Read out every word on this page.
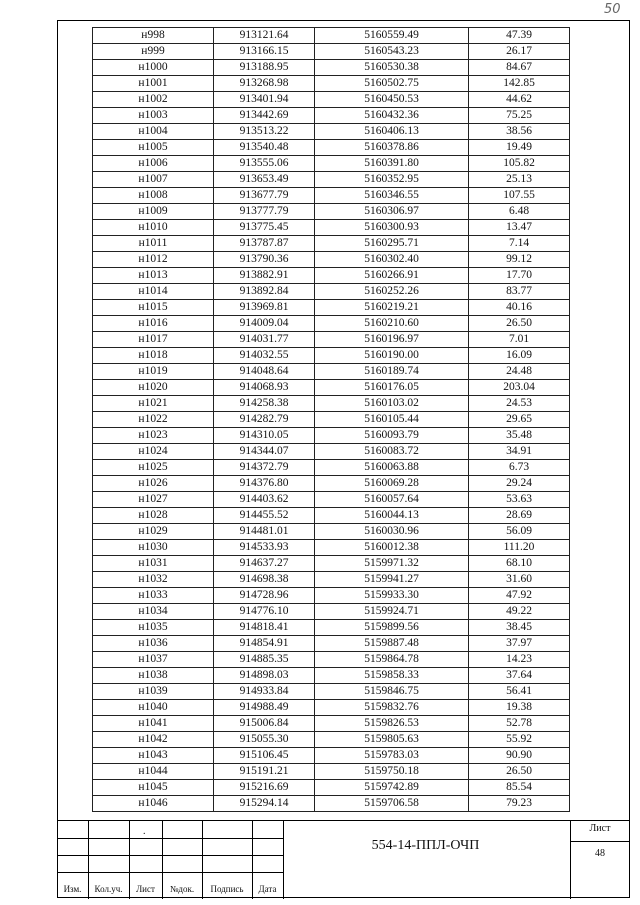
50
н998	913121.64	5160559.49	47.39
н999	913166.15	5160543.23	26.17
н1000	913188.95	5160530.38	84.67
н1001	913268.98	5160502.75	142.85
н1002	913401.94	5160450.53	44.62
н1003	913442.69	5160432.36	75.25
н1004	913513.22	5160406.13	38.56
н1005	913540.48	5160378.86	19.49
н1006	913555.06	5160391.80	105.82
н1007	913653.49	5160352.95	25.13
н1008	913677.79	5160346.55	107.55
н1009	913777.79	5160306.97	6.48
н1010	913775.45	5160300.93	13.47
н1011	913787.87	5160295.71	7.14
н1012	913790.36	5160302.40	99.12
н1013	913882.91	5160266.91	17.70
н1014	913892.84	5160252.26	83.77
н1015	913969.81	5160219.21	40.16
н1016	914009.04	5160210.60	26.50
н1017	914031.77	5160196.97	7.01
н1018	914032.55	5160190.00	16.09
н1019	914048.64	5160189.74	24.48
н1020	914068.93	5160176.05	203.04
н1021	914258.38	5160103.02	24.53
н1022	914282.79	5160105.44	29.65
н1023	914310.05	5160093.79	35.48
н1024	914344.07	5160083.72	34.91
н1025	914372.79	5160063.88	6.73
н1026	914376.80	5160069.28	29.24
н1027	914403.62	5160057.64	53.63
н1028	914455.52	5160044.13	28.69
н1029	914481.01	5160030.96	56.09
н1030	914533.93	5160012.38	111.20
н1031	914637.27	5159971.32	68.10
н1032	914698.38	5159941.27	31.60
н1033	914728.96	5159933.30	47.92
н1034	914776.10	5159924.71	49.22
н1035	914818.41	5159899.56	38.45
н1036	914854.91	5159887.48	37.97
н1037	914885.35	5159864.78	14.23
н1038	914898.03	5159858.33	37.64
н1039	914933.84	5159846.75	56.41
н1040	914988.49	5159832.76	19.38
н1041	915006.84	5159826.53	52.78
н1042	915055.30	5159805.63	55.92
н1043	915106.45	5159783.03	90.90
н1044	915191.21	5159750.18	26.50
н1045	915216.69	5159742.89	85.54
н1046	915294.14	5159706.58	79.23
.
Изм.	Кол.уч.	Лист	№док.	Подпись	Дата
554-14-ППЛ-ОЧП
Лист
48
